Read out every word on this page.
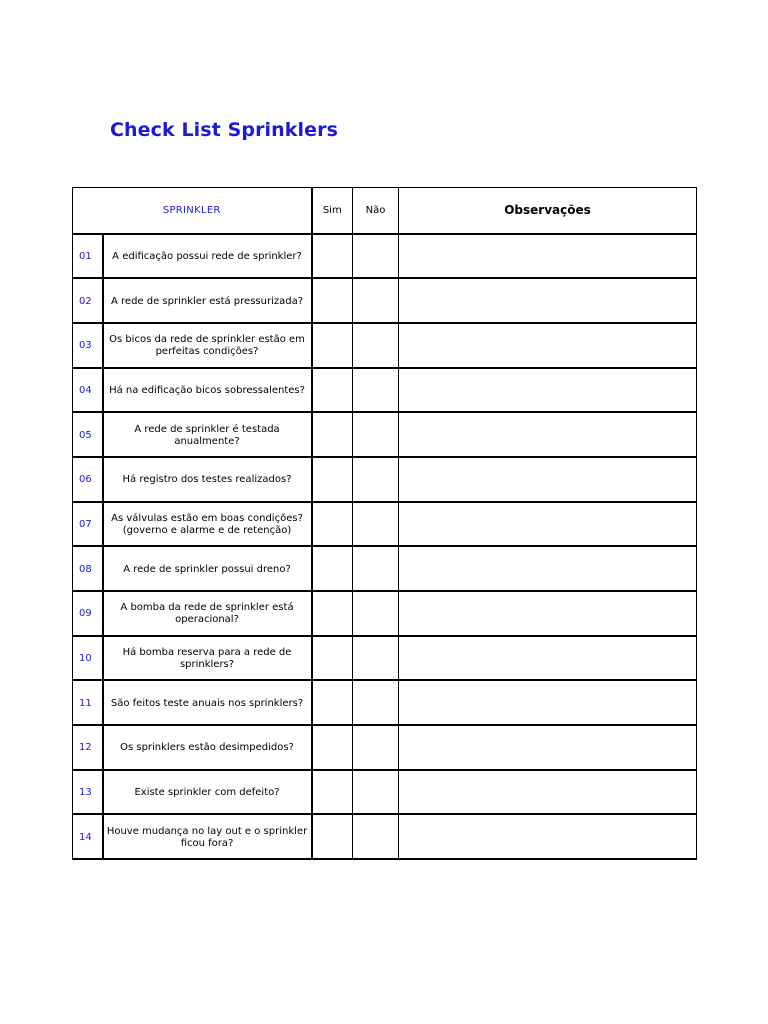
Check List Sprinklers
SPRINKLER		Sim	Não	Observações

01	A edificação possui rede de sprinkler?			

02	A rede de sprinkler está pressurizada?			

03	Os bicos da rede de sprinkler estão em perfeitas condições?			

04	Há na edificação bicos sobressalentes?			

05	A rede de sprinkler é testada anualmente?			

06	Há registro dos testes realizados?			

07	As válvulas estão em boas condições? (governo e alarme e de retenção)			

08	A rede de sprinkler possui dreno?			

09	A bomba da rede de sprinkler está operacional?			

10	Há bomba reserva para a rede de sprinklers?			

11	São feitos teste anuais nos sprinklers?			

12	Os sprinklers estão desimpedidos?			

13	Existe sprinkler com defeito?			

14	Houve mudança no lay out e o sprinkler ficou fora?			
